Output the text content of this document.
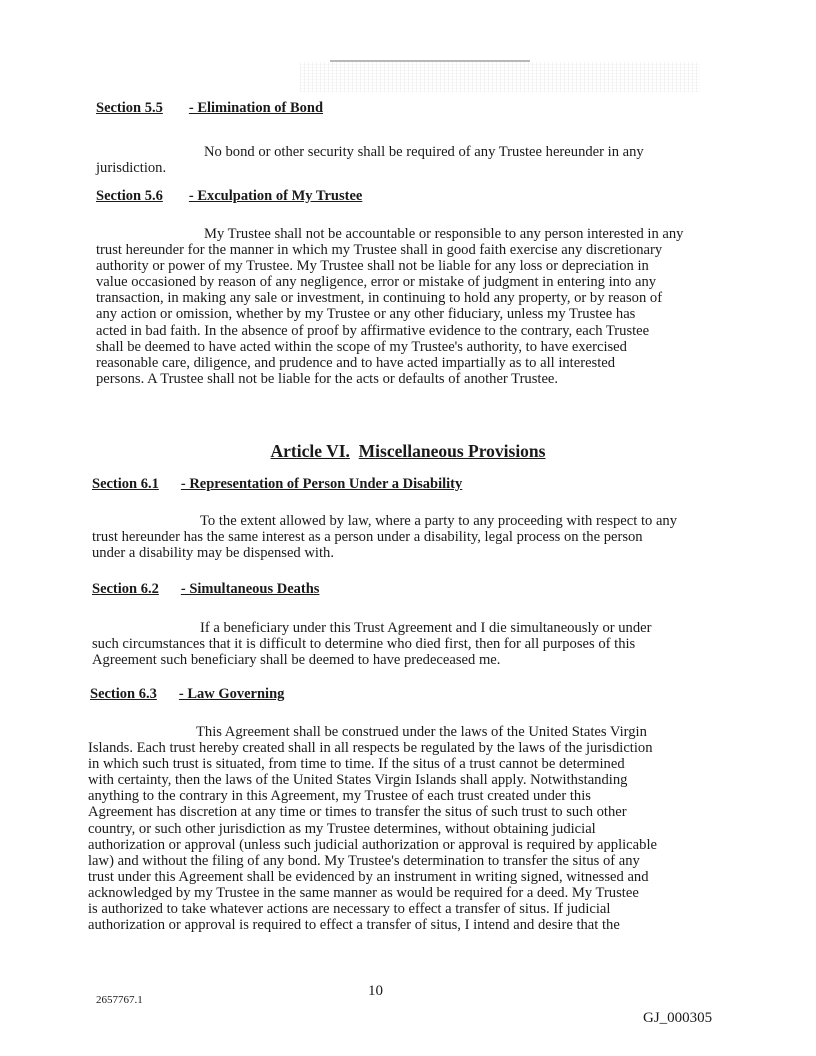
Section 5.5 - Elimination of Bond
No bond or other security shall be required of any Trustee hereunder in any
jurisdiction.
Section 5.6 - Exculpation of My Trustee
My Trustee shall not be accountable or responsible to any person interested in any
trust hereunder for the manner in which my Trustee shall in good faith exercise any discretionary
authority or power of my Trustee. My Trustee shall not be liable for any loss or depreciation in
value occasioned by reason of any negligence, error or mistake of judgment in entering into any
transaction, in making any sale or investment, in continuing to hold any property, or by reason of
any action or omission, whether by my Trustee or any other fiduciary, unless my Trustee has
acted in bad faith. In the absence of proof by affirmative evidence to the contrary, each Trustee
shall be deemed to have acted within the scope of my Trustee's authority, to have exercised
reasonable care, diligence, and prudence and to have acted impartially as to all interested
persons. A Trustee shall not be liable for the acts or defaults of another Trustee.
Article VI. Miscellaneous Provisions
Section 6.1 - Representation of Person Under a Disability
To the extent allowed by law, where a party to any proceeding with respect to any
trust hereunder has the same interest as a person under a disability, legal process on the person
under a disability may be dispensed with.
Section 6.2 - Simultaneous Deaths
If a beneficiary under this Trust Agreement and I die simultaneously or under
such circumstances that it is difficult to determine who died first, then for all purposes of this
Agreement such beneficiary shall be deemed to have predeceased me.
Section 6.3 - Law Governing
This Agreement shall be construed under the laws of the United States Virgin
Islands. Each trust hereby created shall in all respects be regulated by the laws of the jurisdiction
in which such trust is situated, from time to time. If the situs of a trust cannot be determined
with certainty, then the laws of the United States Virgin Islands shall apply. Notwithstanding
anything to the contrary in this Agreement, my Trustee of each trust created under this
Agreement has discretion at any time or times to transfer the situs of such trust to such other
country, or such other jurisdiction as my Trustee determines, without obtaining judicial
authorization or approval (unless such judicial authorization or approval is required by applicable
law) and without the filing of any bond. My Trustee's determination to transfer the situs of any
trust under this Agreement shall be evidenced by an instrument in writing signed, witnessed and
acknowledged by my Trustee in the same manner as would be required for a deed. My Trustee
is authorized to take whatever actions are necessary to effect a transfer of situs. If judicial
authorization or approval is required to effect a transfer of situs, I intend and desire that the
10
2657767.1
GJ_000305
